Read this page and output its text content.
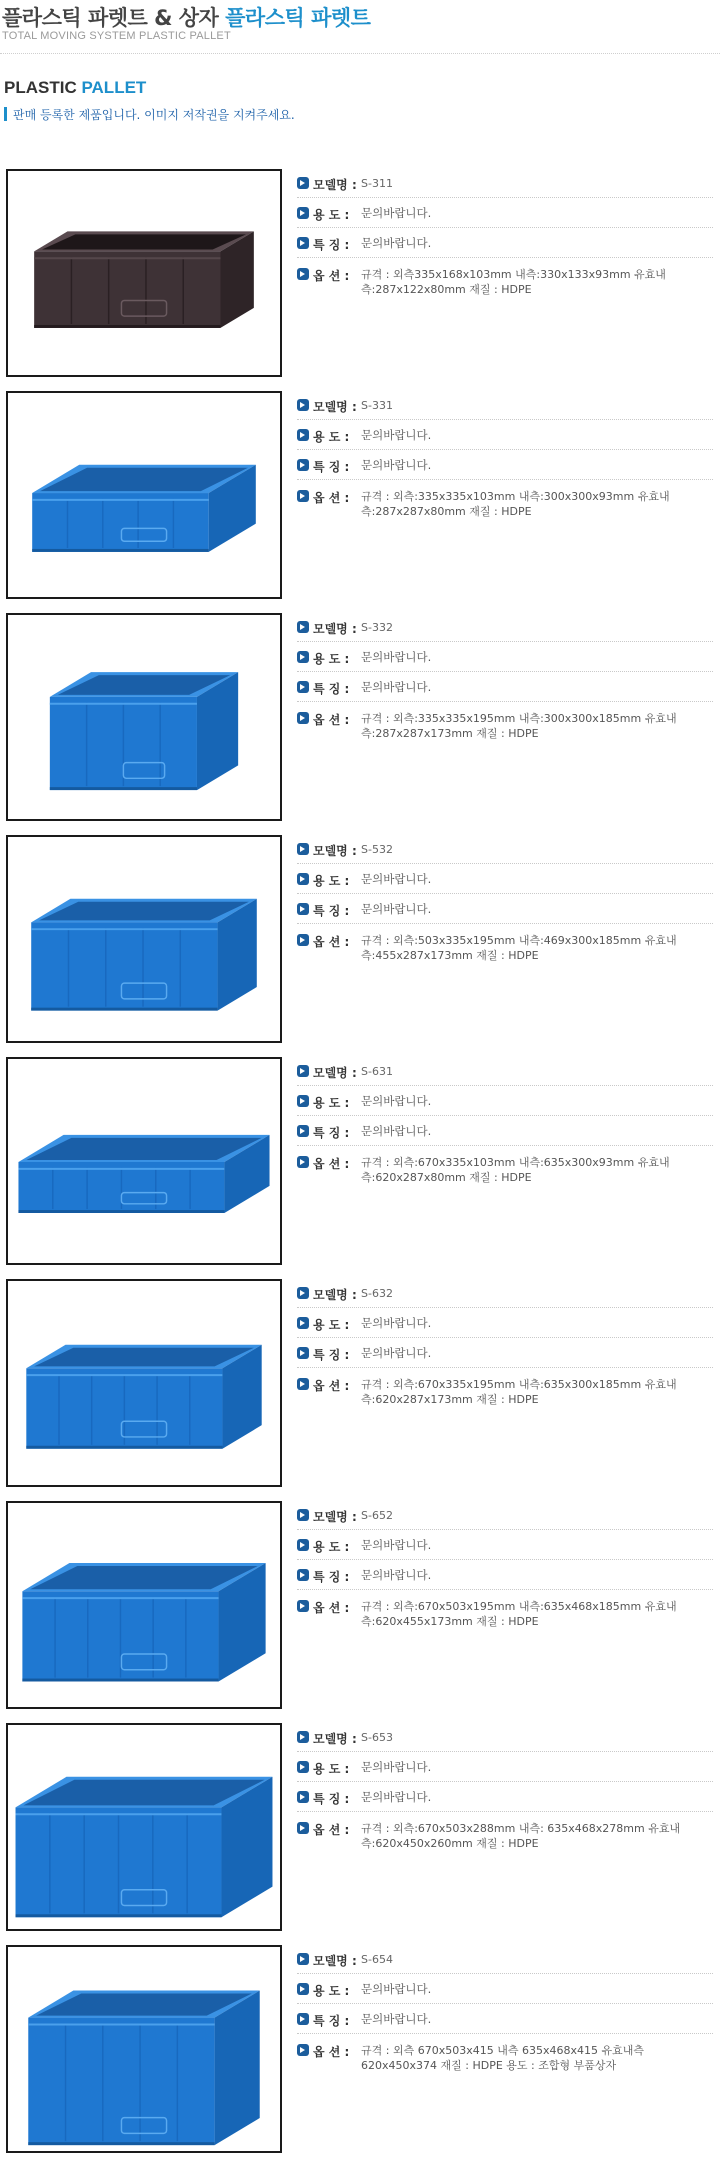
플라스틱 파렛트 & 상자 플라스틱 파렛트
TOTAL MOVING SYSTEM PLASTIC PALLET
PLASTIC PALLET
판매 등록한 제품입니다. 이미지 저작권을 지켜주세요.
모델명 : S-311
용 도 :	문의바랍니다.
특 징 :	문의바랍니다.
옵 션 :	규격 : 외측335x168x103mm 내측:330x133x93mm 유효내측:287x122x80mm 재질 : HDPE
모델명 : S-331
용 도 :	문의바랍니다.
특 징 :	문의바랍니다.
옵 션 :	규격 : 외측:335x335x103mm 내측:300x300x93mm 유효내측:287x287x80mm 재질 : HDPE
모델명 : S-332
용 도 :	문의바랍니다.
특 징 :	문의바랍니다.
옵 션 :	규격 : 외측:335x335x195mm 내측:300x300x185mm 유효내측:287x287x173mm 재질 : HDPE
모델명 : S-532
용 도 :	문의바랍니다.
특 징 :	문의바랍니다.
옵 션 :	규격 : 외측:503x335x195mm 내측:469x300x185mm 유효내측:455x287x173mm 재질 : HDPE
모델명 : S-631
용 도 :	문의바랍니다.
특 징 :	문의바랍니다.
옵 션 :	규격 : 외측:670x335x103mm 내측:635x300x93mm 유효내측:620x287x80mm 재질 : HDPE
모델명 : S-632
용 도 :	문의바랍니다.
특 징 :	문의바랍니다.
옵 션 :	규격 : 외측:670x335x195mm 내측:635x300x185mm 유효내측:620x287x173mm 재질 : HDPE
모델명 : S-652
용 도 :	문의바랍니다.
특 징 :	문의바랍니다.
옵 션 :	규격 : 외측:670x503x195mm 내측:635x468x185mm 유효내측:620x455x173mm 재질 : HDPE
모델명 : S-653
용 도 :	문의바랍니다.
특 징 :	문의바랍니다.
옵 션 :	규격 : 외측:670x503x288mm 내측: 635x468x278mm 유효내측:620x450x260mm 재질 : HDPE
모델명 : S-654
용 도 :	문의바랍니다.
특 징 :	문의바랍니다.
옵 션 :	규격 : 외측 670x503x415 내측 635x468x415 유효내측 620x450x374 재질 : HDPE 용도 : 조합형 부품상자
